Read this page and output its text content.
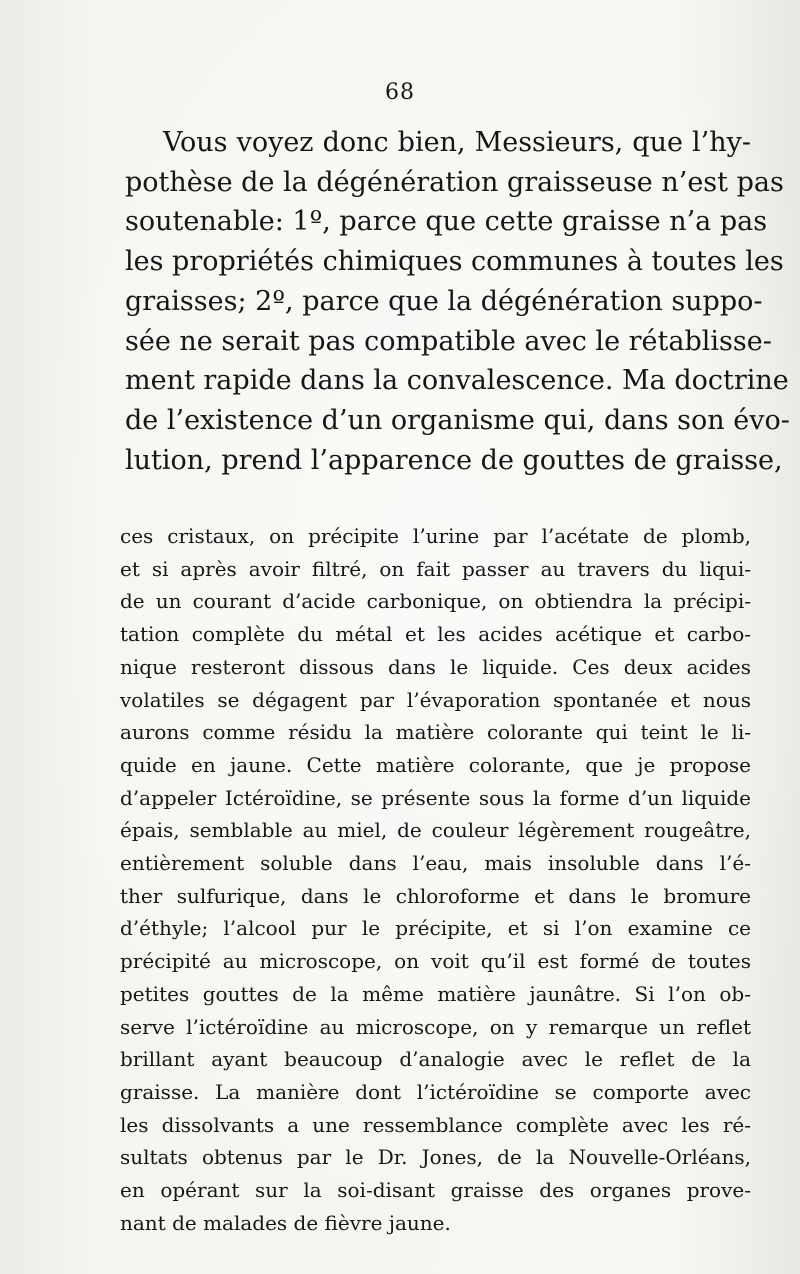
68
Vous voyez donc bien, Messieurs, que l’hy-
pothèse de la dégénération graisseuse n’est pas
soutenable: 1º, parce que cette graisse n’a pas
les propriétés chimiques communes à toutes les
graisses; 2º, parce que la dégénération suppo-
sée ne serait pas compatible avec le rétablisse-
ment rapide dans la convalescence. Ma doctrine
de l’existence d’un organisme qui, dans son évo-
lution, prend l’apparence de gouttes de graisse,
ces cristaux, on précipite l’urine par l’acétate de plomb,
et si après avoir filtré, on fait passer au travers du liqui-
de un courant d’acide carbonique, on obtiendra la précipi-
tation complète du métal et les acides acétique et carbo-
nique resteront dissous dans le liquide. Ces deux acides
volatiles se dégagent par l’évaporation spontanée et nous
aurons comme résidu la matière colorante qui teint le li-
quide en jaune. Cette matière colorante, que je propose
d’appeler Ictéroïdine, se présente sous la forme d’un liquide
épais, semblable au miel, de couleur légèrement rougeâtre,
entièrement soluble dans l’eau, mais insoluble dans l’é-
ther sulfurique, dans le chloroforme et dans le bromure
d’éthyle; l’alcool pur le précipite, et si l’on examine ce
précipité au microscope, on voit qu’il est formé de toutes
petites gouttes de la même matière jaunâtre. Si l’on ob-
serve l’ictéroïdine au microscope, on y remarque un reflet
brillant ayant beaucoup d’analogie avec le reflet de la
graisse. La manière dont l’ictéroïdine se comporte avec
les dissolvants a une ressemblance complète avec les ré-
sultats obtenus par le Dr. Jones, de la Nouvelle-Orléans,
en opérant sur la soi-disant graisse des organes prove-
nant de malades de fièvre jaune.
